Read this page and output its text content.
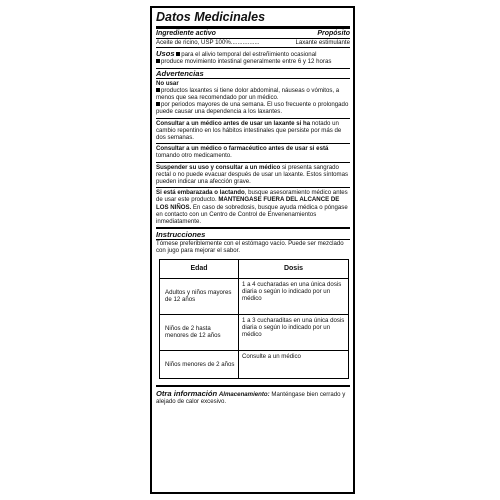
Datos Medicinales
Ingrediente activo	Propósito
Aceite de ricino, USP 100%.................	Laxante estimulante
Usos para el alivio temporal del estreñimiento ocasional
produce movimiento intestinal generalmente entre 6 y 12 horas
Advertencias
No usar
productos laxantes si tiene dolor abdominal, náuseas o vómitos, a menos que sea recomendado por un médico.
por periodos mayores de una semana. El uso frecuente o prolongado puede causar una dependencia a los laxantes.
Consultar a un médico antes de usar un laxante si ha notado un cambio repentino en los hábitos intestinales que persiste por más de dos semanas.
Consultar a un médico o farmacéutico antes de usar si está tomando otro medicamento.
Suspender su uso y consultar a un médico si presenta sangrado rectal o no puede evacuar después de usar un laxante. Estos síntomas pueden indicar una afección grave.
Si está embarazada o lactando, busque asesoramiento médico antes de usar este producto. MANTENGASE FUERA DEL ALCANCE DE LOS NIÑOS. En caso de sobredosis, busque ayuda médica o póngase en contacto con un Centro de Control de Envenenamientos inmediatamente.
Instrucciones
Tómese preferiblemente con el estómago vacío. Puede ser mezclado con jugo para mejorar el sabor.
Edad	Dosis
Adultos y niños mayores de 12 años	1 a 4 cucharadas en una única dosis diaria o según lo indicado por un médico
Niños de 2 hasta menores de 12 años	1 a 3 cucharaditas en una única dosis diaria o según lo indicado por un médico
Niños menores de 2 años	Consulte a un médico
Otra información Almacenamiento: Manténgase bien cerrado y alejado de calor excesivo.
